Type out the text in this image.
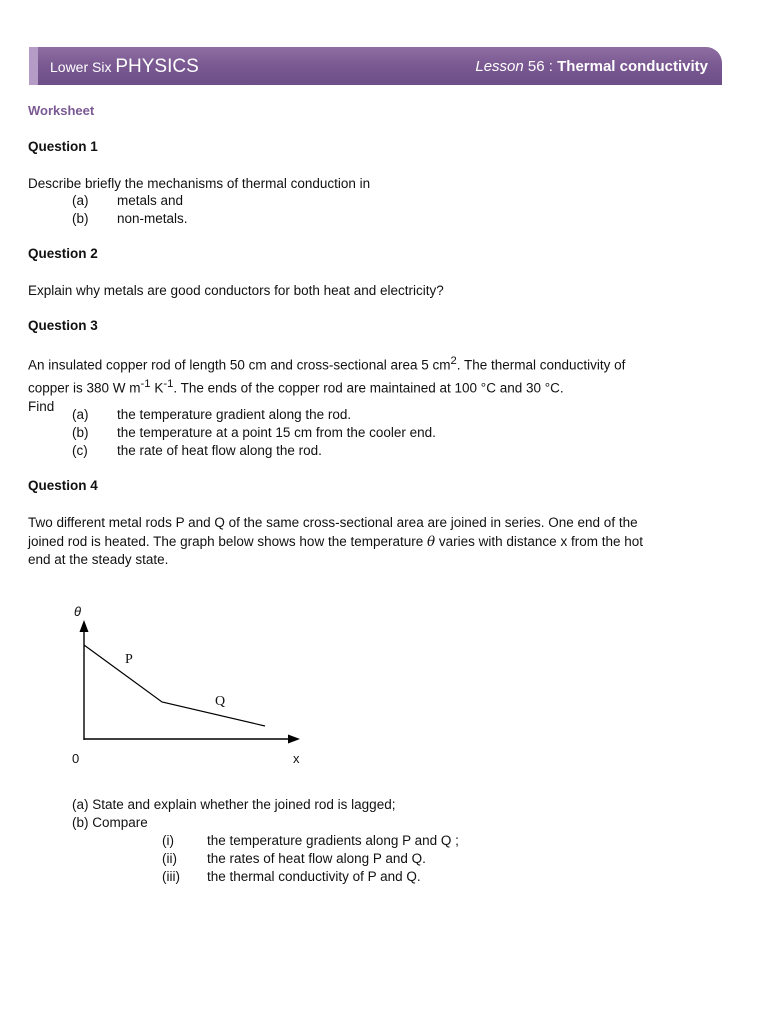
Lower Six PHYSICS	Lesson 56 : Thermal conductivity
Worksheet
Question 1
Describe briefly the mechanisms of thermal conduction in
(a) metals and
(b) non-metals.
Question 2
Explain why metals are good conductors for both heat and electricity?
Question 3
An insulated copper rod of length 50 cm and cross-sectional area 5 $cm^2$. The thermal conductivity of
copper is 380 W $m^{-1}$ $K^{-1}$. The ends of the copper rod are maintained at 100 °C and 30 °C.
Find
(a) the temperature gradient along the rod.
(b) the temperature at a point 15 cm from the cooler end.
(c) the rate of heat flow along the rod.
Question 4
Two different metal rods P and Q of the same cross-sectional area are joined in series. One end of the
joined rod is heated. The graph below shows how the temperature θ varies with distance x from the hot
end at the steady state.
θ
0	x
P
Q
(a) State and explain whether the joined rod is lagged;
(b) Compare
(i) the temperature gradients along P and Q ;
(ii) the rates of heat flow along P and Q.
(iii) the thermal conductivity of P and Q.
